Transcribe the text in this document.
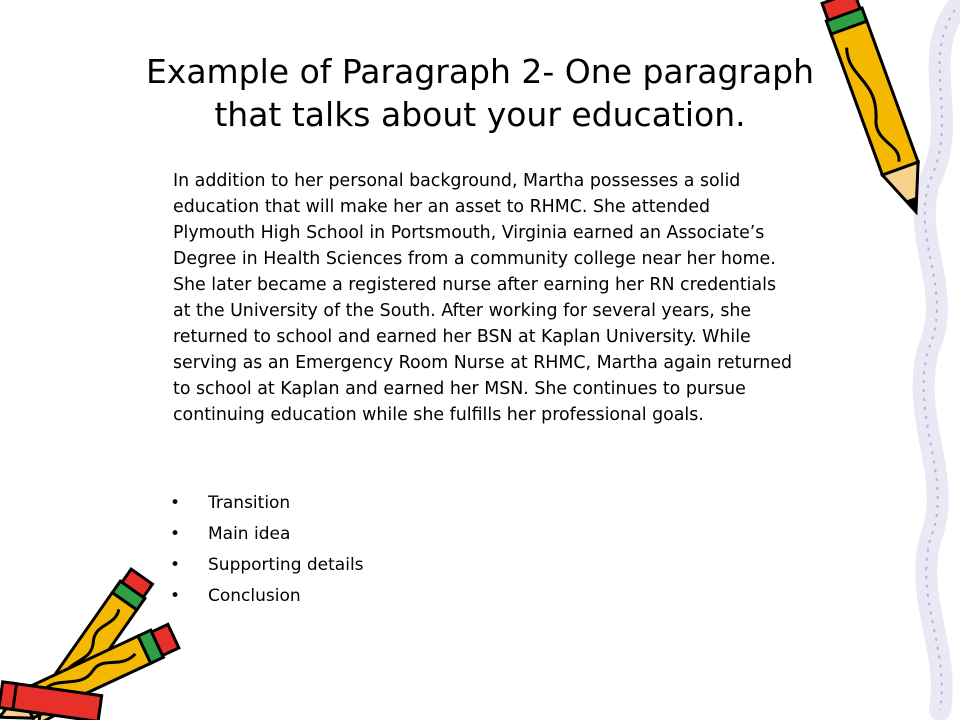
Example of Paragraph 2- One paragraph
that talks about your education.
In addition to her personal background, Martha possesses a solid
education that will make her an asset to RHMC. She attended
Plymouth High School in Portsmouth, Virginia earned an Associate’s
Degree in Health Sciences from a community college near her home.
She later became a registered nurse after earning her RN credentials
at the University of the South. After working for several years, she
returned to school and earned her BSN at Kaplan University. While
serving as an Emergency Room Nurse at RHMC, Martha again returned
to school at Kaplan and earned her MSN. She continues to pursue
continuing education while she fulfills her professional goals.
• Transition
• Main idea
• Supporting details
• Conclusion
